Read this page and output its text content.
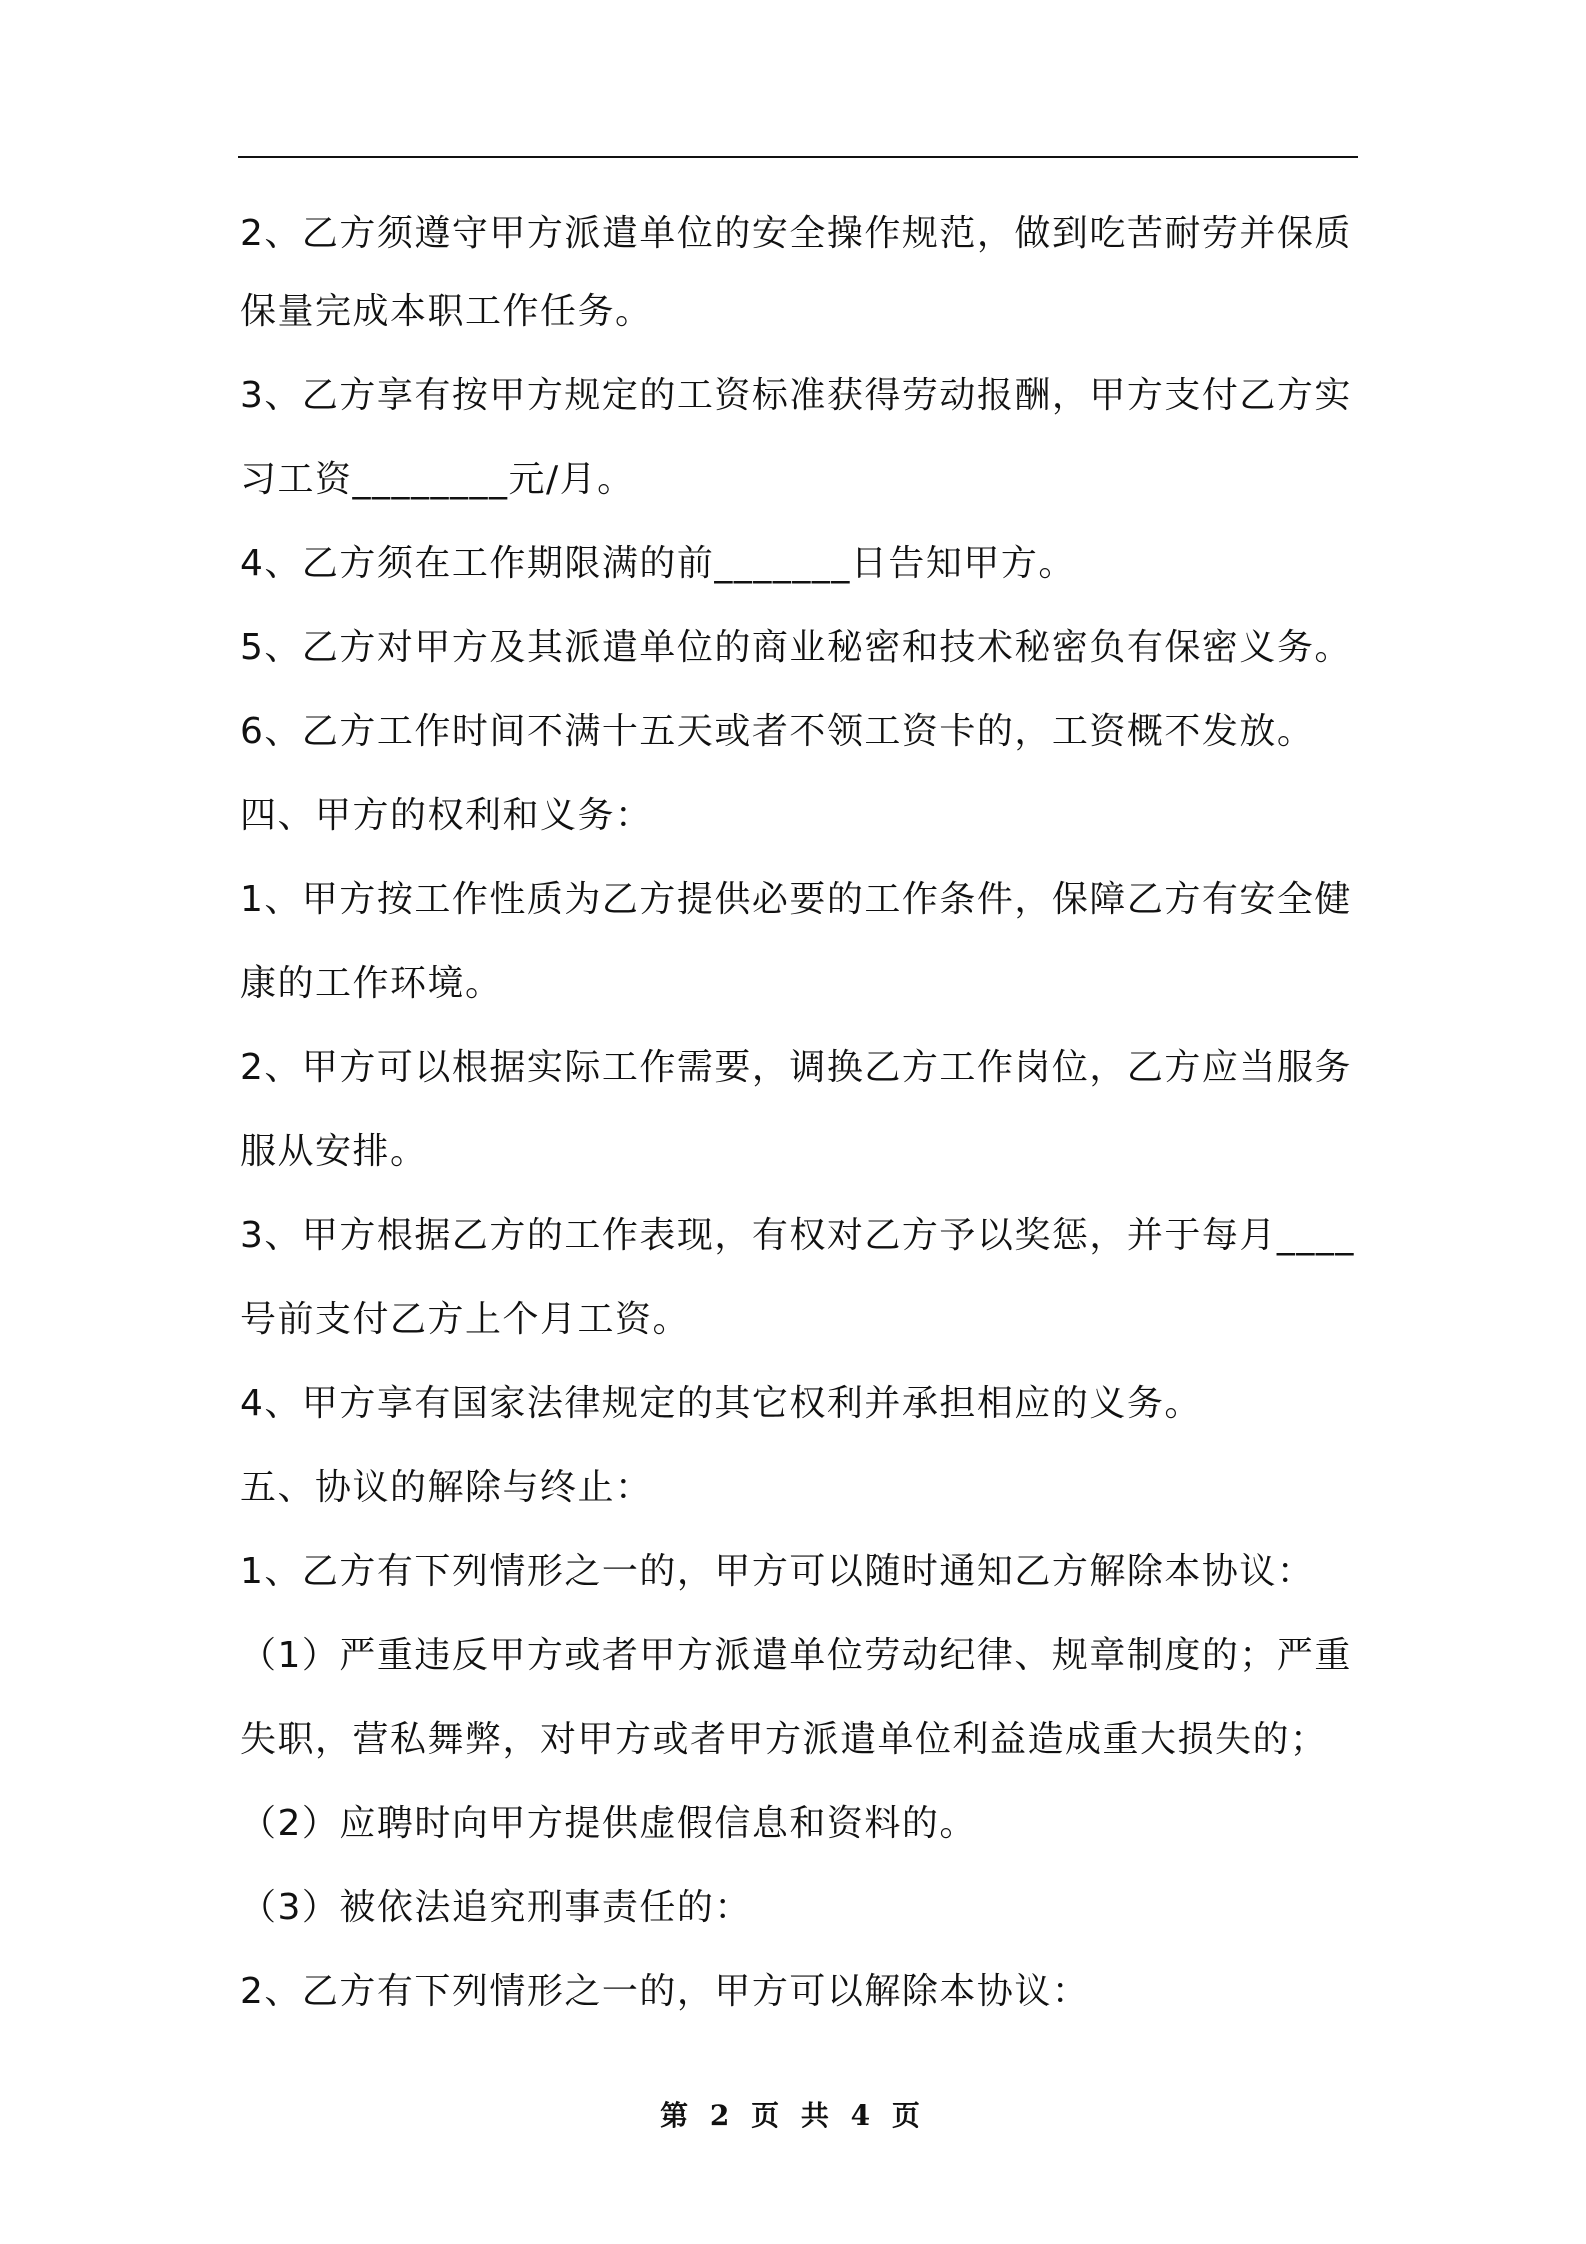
2、乙方须遵守甲方派遣单位的安全操作规范，做到吃苦耐劳并保质
保量完成本职工作任务。
3、乙方享有按甲方规定的工资标准获得劳动报酬，甲方支付乙方实
习工资________元/月。
4、乙方须在工作期限满的前_______日告知甲方。
5、乙方对甲方及其派遣单位的商业秘密和技术秘密负有保密义务。
6、乙方工作时间不满十五天或者不领工资卡的，工资概不发放。
四、甲方的权利和义务：
1、甲方按工作性质为乙方提供必要的工作条件，保障乙方有安全健
康的工作环境。
2、甲方可以根据实际工作需要，调换乙方工作岗位，乙方应当服务
服从安排。
3、甲方根据乙方的工作表现，有权对乙方予以奖惩，并于每月____
号前支付乙方上个月工资。
4、甲方享有国家法律规定的其它权利并承担相应的义务。
五、协议的解除与终止：
1、乙方有下列情形之一的，甲方可以随时通知乙方解除本协议：
（1）严重违反甲方或者甲方派遣单位劳动纪律、规章制度的；严重
失职，营私舞弊，对甲方或者甲方派遣单位利益造成重大损失的；
（2）应聘时向甲方提供虚假信息和资料的。
（3）被依法追究刑事责任的：
2、乙方有下列情形之一的，甲方可以解除本协议：
第 2 页 共 4 页
